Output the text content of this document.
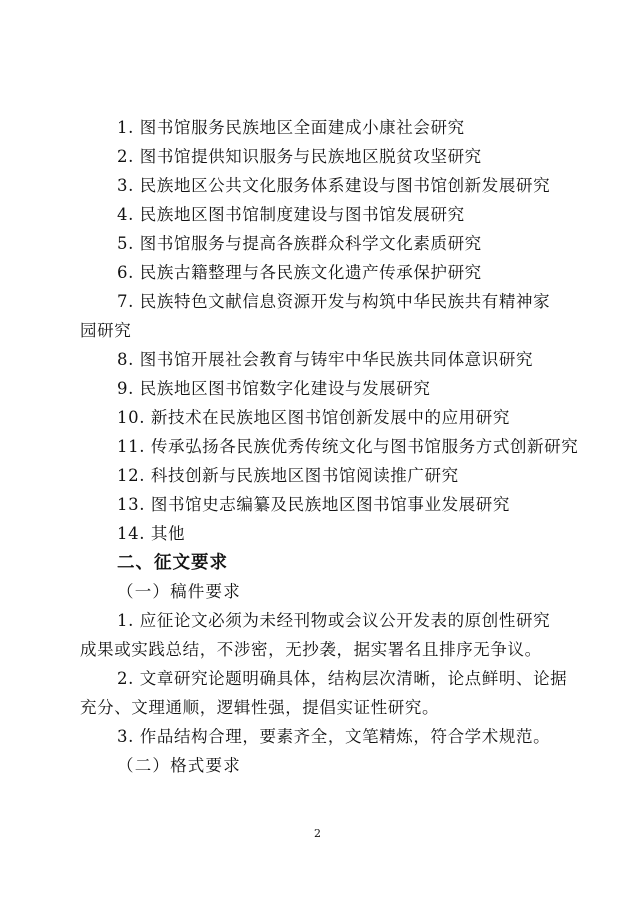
1. 图书馆服务民族地区全面建成小康社会研究
2. 图书馆提供知识服务与民族地区脱贫攻坚研究
3. 民族地区公共文化服务体系建设与图书馆创新发展研究
4. 民族地区图书馆制度建设与图书馆发展研究
5. 图书馆服务与提高各族群众科学文化素质研究
6. 民族古籍整理与各民族文化遗产传承保护研究
7. 民族特色文献信息资源开发与构筑中华民族共有精神家
园研究
8. 图书馆开展社会教育与铸牢中华民族共同体意识研究
9. 民族地区图书馆数字化建设与发展研究
10. 新技术在民族地区图书馆创新发展中的应用研究
11. 传承弘扬各民族优秀传统文化与图书馆服务方式创新研究
12. 科技创新与民族地区图书馆阅读推广研究
13. 图书馆史志编纂及民族地区图书馆事业发展研究
14. 其他
二、征文要求
（一）稿件要求
1. 应征论文必须为未经刊物或会议公开发表的原创性研究
成果或实践总结，不涉密，无抄袭，据实署名且排序无争议。
2. 文章研究论题明确具体，结构层次清晰，论点鲜明、论据
充分、文理通顺，逻辑性强，提倡实证性研究。
3. 作品结构合理，要素齐全，文笔精炼，符合学术规范。
（二）格式要求
2
